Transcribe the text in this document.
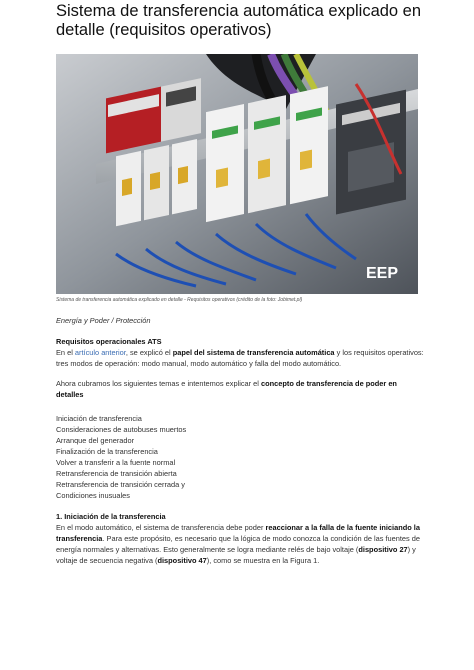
Sistema de transferencia automática explicado en detalle (requisitos operativos)
EEP
Sistema de transferencia automática explicado en detalle - Requisitos operativos (crédito de la foto: Jobimet.pl)
Energía y Poder / Protección
Requisitos operacionales ATS
En el artículo anterior, se explicó el papel del sistema de transferencia automática y los requisitos operativos: tres modos de operación: modo manual, modo automático y falla del modo automático.
Ahora cubramos los siguientes temas e intentemos explicar el concepto de transferencia de poder en detalles
Iniciación de transferencia
Consideraciones de autobuses muertos
Arranque del generador
Finalización de la transferencia
Volver a transferir a la fuente normal
Retransferencia de transición abierta
Retransferencia de transición cerrada y
Condiciones inusuales
1. Iniciación de la transferencia
En el modo automático, el sistema de transferencia debe poder reaccionar a la falla de la fuente iniciando la transferencia. Para este propósito, es necesario que la lógica de modo conozca la condición de las fuentes de energía normales y alternativas. Esto generalmente se logra mediante relés de bajo voltaje (dispositivo 27) y voltaje de secuencia negativa (dispositivo 47), como se muestra en la Figura 1.
